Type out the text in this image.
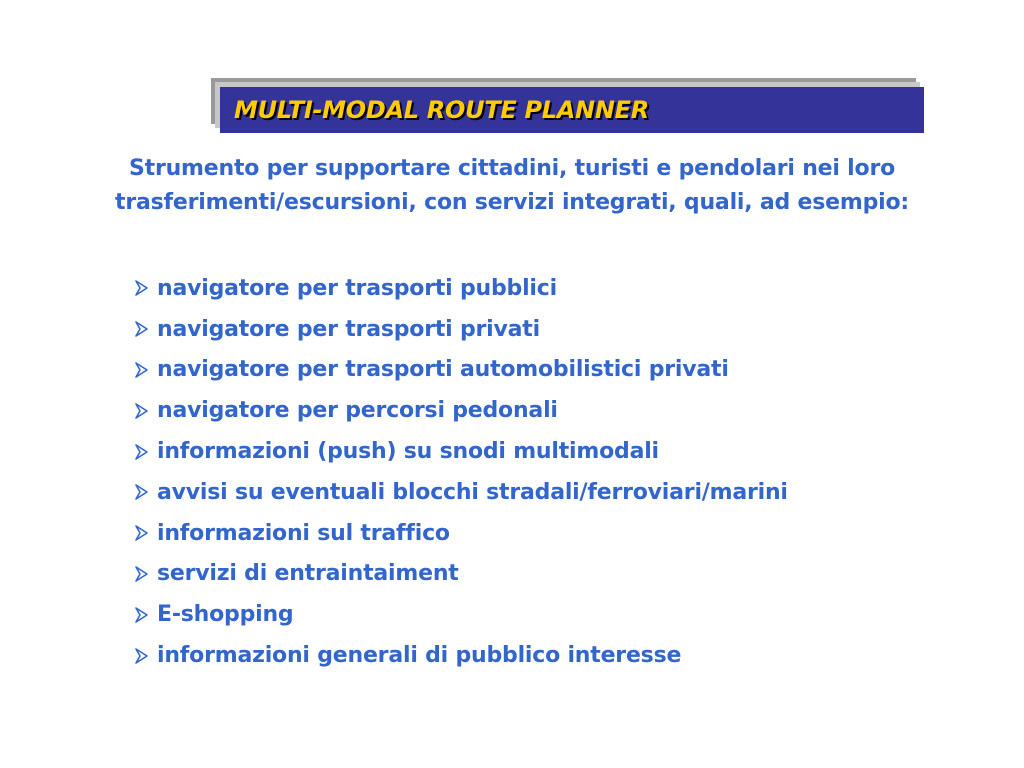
MULTI-MODAL ROUTE PLANNER
Strumento per supportare cittadini, turisti e pendolari nei loro
trasferimenti/escursioni, con servizi integrati, quali, ad esempio:
navigatore per trasporti pubblici
navigatore per trasporti privati
navigatore per trasporti automobilistici privati
navigatore per percorsi pedonali
informazioni (push) su snodi multimodali
avvisi su eventuali blocchi stradali/ferroviari/marini
informazioni sul traffico
servizi di entraintaiment
E-shopping
informazioni generali di pubblico interesse
